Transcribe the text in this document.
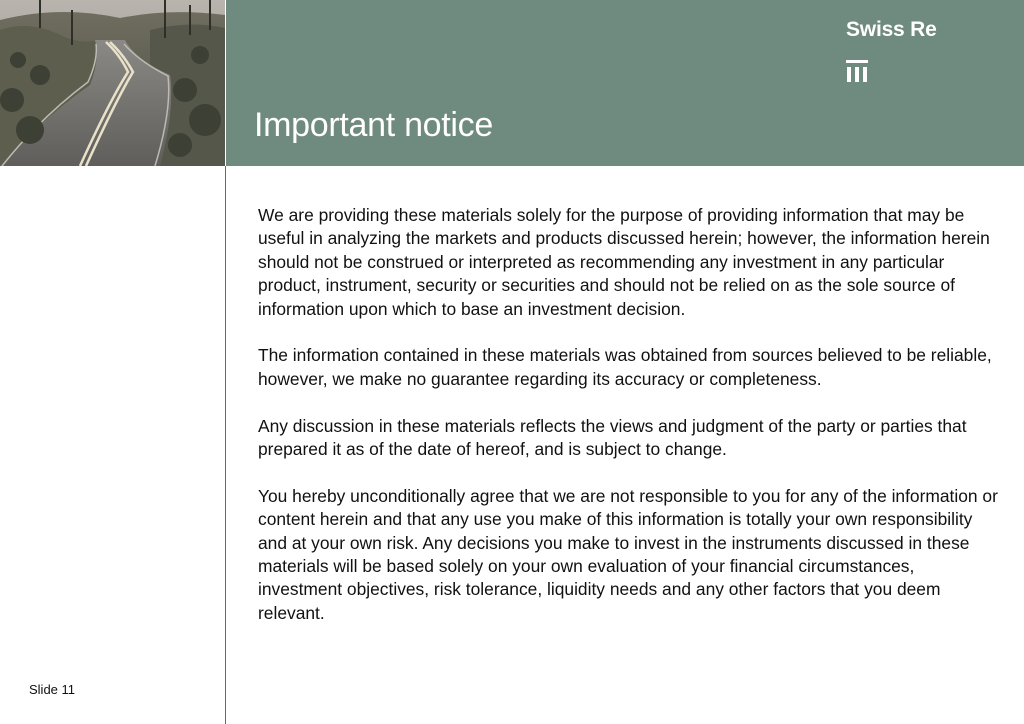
Swiss Re
Important notice

We are providing these materials solely for the purpose of providing information that may be useful in analyzing the markets and products discussed herein; however, the information herein should not be construed or interpreted as recommending any investment in any particular product, instrument, security or securities and should not be relied on as the sole source of information upon which to base an investment decision.

The information contained in these materials was obtained from sources believed to be reliable, however, we make no guarantee regarding its accuracy or completeness.

Any discussion in these materials reflects the views and judgment of the party or parties that prepared it as of the date of hereof, and is subject to change.

You hereby unconditionally agree that we are not responsible to you for any of the information or content herein and that any use you make of this information is totally your own responsibility and at your own risk. Any decisions you make to invest in the instruments discussed in these materials will be based solely on your own evaluation of your financial circumstances, investment objectives, risk tolerance, liquidity needs and any other factors that you deem relevant.

Slide 11
